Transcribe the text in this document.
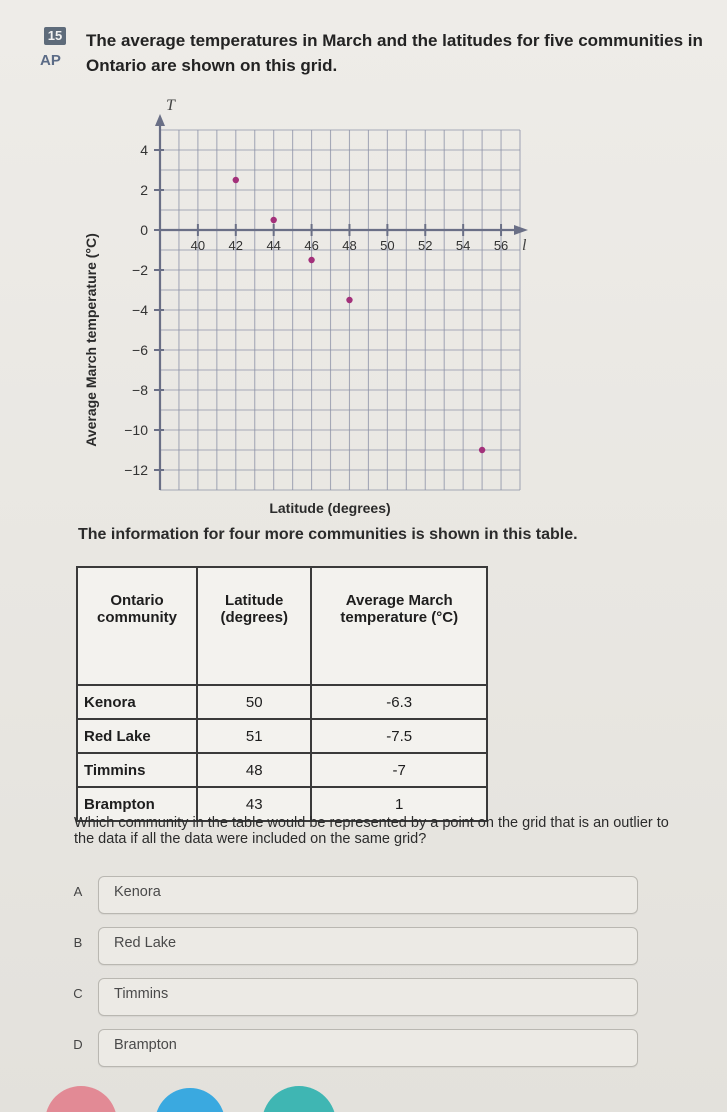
15
AP
The average temperatures in March and the latitudes for five communities in Ontario are shown on this grid.
4
2
0
−2
−4
−6
−8
−10
−12
40 42 44 46 48 50 52 54 56
T
l
Average March temperature (°C)
Latitude (degrees)
The information for four more communities is shown in this table.
Ontario community	Latitude (degrees)	Average March temperature (°C)
Kenora	50	-6.3
Red Lake	51	-7.5
Timmins	48	-7
Brampton	43	1
Which community in the table would be represented by a point on the grid that is an outlier to the data if all the data were included on the same grid?
A Kenora
B Red Lake
C Timmins
D Brampton
